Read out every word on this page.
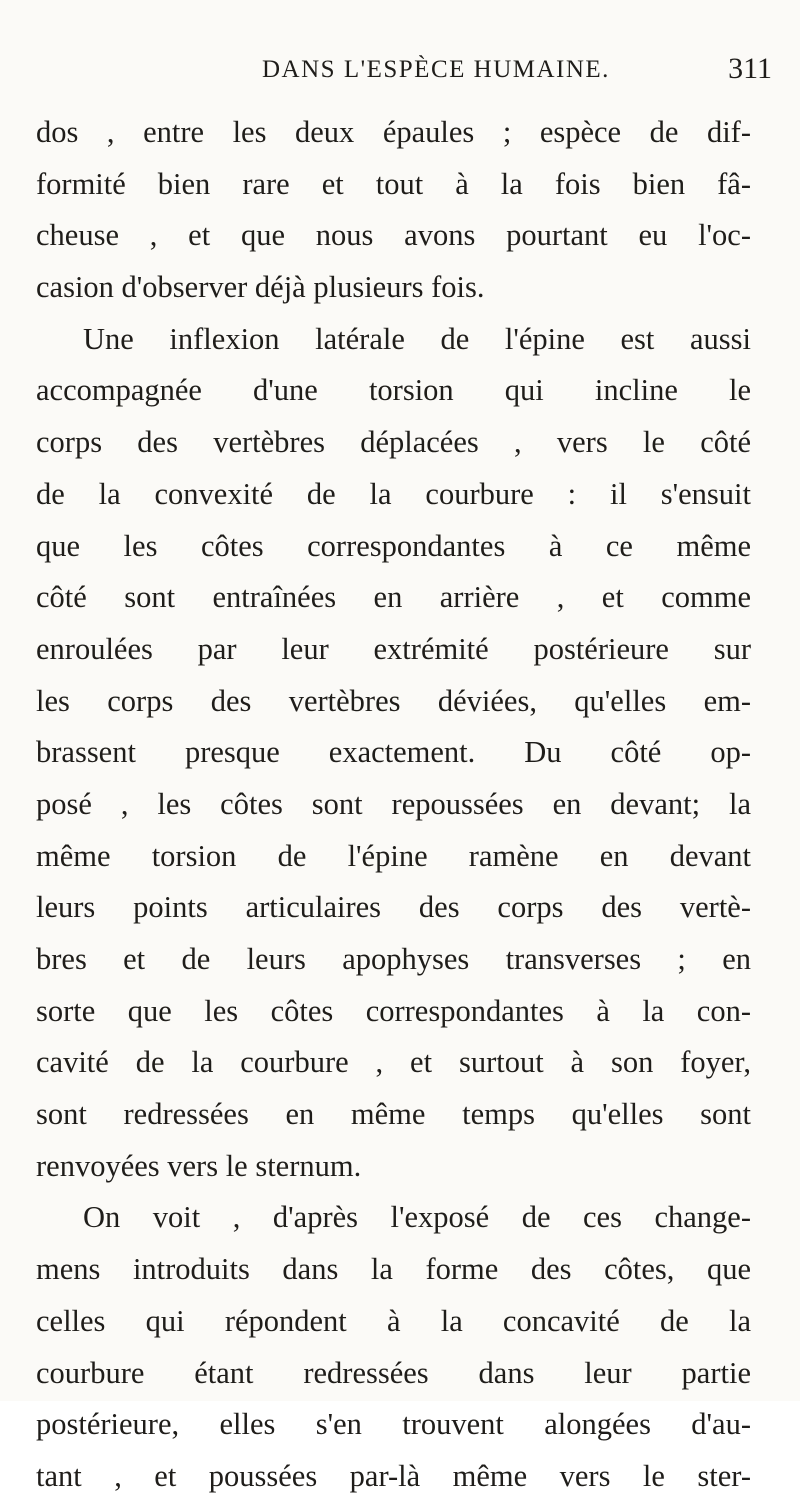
DANS L'ESPÈCE HUMAINE.	311
dos , entre les deux épaules ; espèce de dif-
formité bien rare et tout à la fois bien fâ-
cheuse , et que nous avons pourtant eu l'oc-
casion d'observer déjà plusieurs fois.
Une inflexion latérale de l'épine est aussi
accompagnée d'une torsion qui incline le
corps des vertèbres déplacées , vers le côté
de la convexité de la courbure : il s'ensuit
que les côtes correspondantes à ce même
côté sont entraînées en arrière , et comme
enroulées par leur extrémité postérieure sur
les corps des vertèbres déviées, qu'elles em-
brassent presque exactement. Du côté op-
posé , les côtes sont repoussées en devant; la
même torsion de l'épine ramène en devant
leurs points articulaires des corps des vertè-
bres et de leurs apophyses transverses ; en
sorte que les côtes correspondantes à la con-
cavité de la courbure , et surtout à son foyer,
sont redressées en même temps qu'elles sont
renvoyées vers le sternum.
On voit , d'après l'exposé de ces change-
mens introduits dans la forme des côtes, que
celles qui répondent à la concavité de la
courbure étant redressées dans leur partie
postérieure, elles s'en trouvent alongées d'au-
tant , et poussées par-là même vers le ster-
